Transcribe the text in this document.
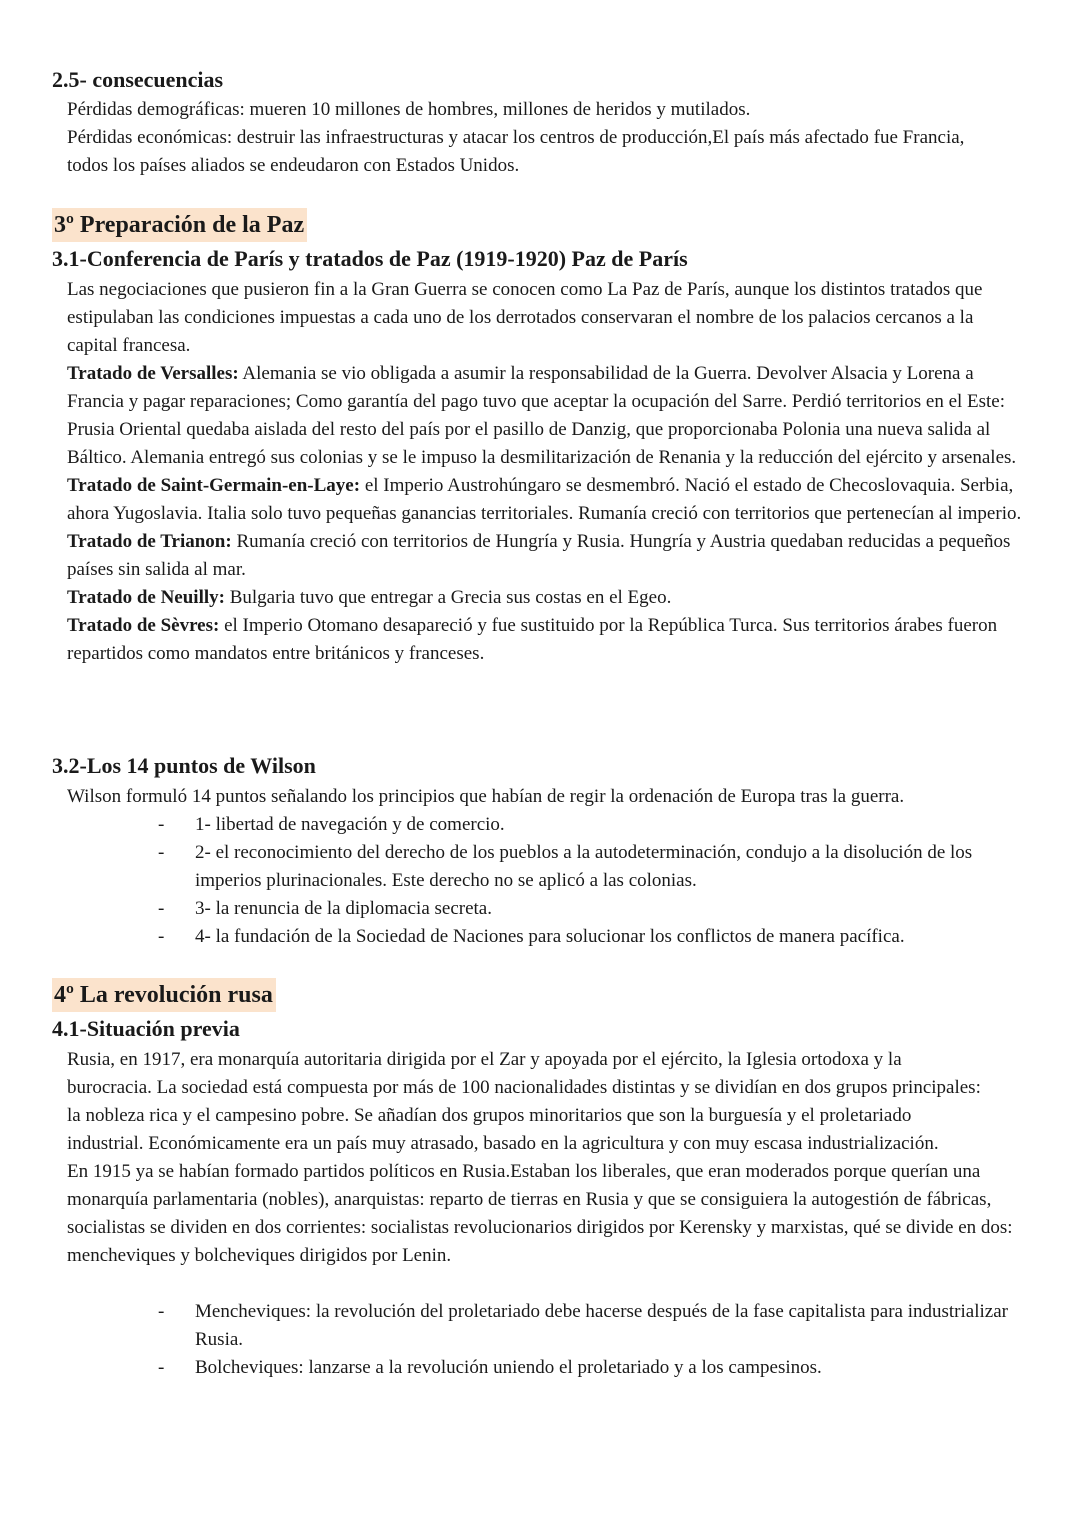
2.5- consecuencias

Pérdidas demográficas: mueren 10 millones de hombres, millones de heridos y mutilados.

Pérdidas económicas: destruir las infraestructuras y atacar los centros de producción,El país más afectado fue Francia, todos los países aliados se endeudaron con Estados Unidos.

3º Preparación de la Paz
3.1-Conferencia de París y tratados de Paz (1919-1920) Paz de París

Las negociaciones que pusieron fin a la Gran Guerra se conocen como La Paz de París, aunque los distintos tratados que estipulaban las condiciones impuestas a cada uno de los derrotados conservaran el nombre de los palacios cercanos a la capital francesa.

Tratado de Versalles: Alemania se vio obligada a asumir la responsabilidad de la Guerra. Devolver Alsacia y Lorena a Francia y pagar reparaciones; Como garantía del pago tuvo que aceptar la ocupación del Sarre. Perdió territorios en el Este: Prusia Oriental quedaba aislada del resto del país por el pasillo de Danzig, que proporcionaba Polonia una nueva salida al Báltico. Alemania entregó sus colonias y se le impuso la desmilitarización de Renania y la reducción del ejército y arsenales.

Tratado de Saint-Germain-en-Laye: el Imperio Austrohúngaro se desmembró. Nació el estado de Checoslovaquia. Serbia, ahora Yugoslavia. Italia solo tuvo pequeñas ganancias territoriales. Rumanía creció con territorios que pertenecían al imperio.

Tratado de Trianon: Rumanía creció con territorios de Hungría y Rusia. Hungría y Austria quedaban reducidas a pequeños países sin salida al mar.

Tratado de Neuilly: Bulgaria tuvo que entregar a Grecia sus costas en el Egeo.

Tratado de Sèvres: el Imperio Otomano desapareció y fue sustituido por la República Turca. Sus territorios árabes fueron repartidos como mandatos entre británicos y franceses.

3.2-Los 14 puntos de Wilson

Wilson formuló 14 puntos señalando los principios que habían de regir la ordenación de Europa tras la guerra.

- 1- libertad de navegación y de comercio.
- 2- el reconocimiento del derecho de los pueblos a la autodeterminación, condujo a la disolución de los imperios plurinacionales. Este derecho no se aplicó a las colonias.
- 3- la renuncia de la diplomacia secreta.
- 4- la fundación de la Sociedad de Naciones para solucionar los conflictos de manera pacífica.
4º La revolución rusa
4.1-Situación previa

Rusia, en 1917, era monarquía autoritaria dirigida por el Zar y apoyada por el ejército, la Iglesia ortodoxa y la burocracia. La sociedad está compuesta por más de 100 nacionalidades distintas y se dividían en dos grupos principales: la nobleza rica y el campesino pobre. Se añadían dos grupos minoritarios que son la burguesía y el proletariado industrial. Económicamente era un país muy atrasado, basado en la agricultura y con muy escasa industrialización.

En 1915 ya se habían formado partidos políticos en Rusia.Estaban los liberales, que eran moderados porque querían una monarquía parlamentaria (nobles), anarquistas: reparto de tierras en Rusia y que se consiguiera la autogestión de fábricas, socialistas se dividen en dos corrientes: socialistas revolucionarios dirigidos por Kerensky y marxistas, qué se divide en dos: mencheviques y bolcheviques dirigidos por Lenin.

- Mencheviques: la revolución del proletariado debe hacerse después de la fase capitalista para industrializar Rusia.
- Bolcheviques: lanzarse a la revolución uniendo el proletariado y a los campesinos.
